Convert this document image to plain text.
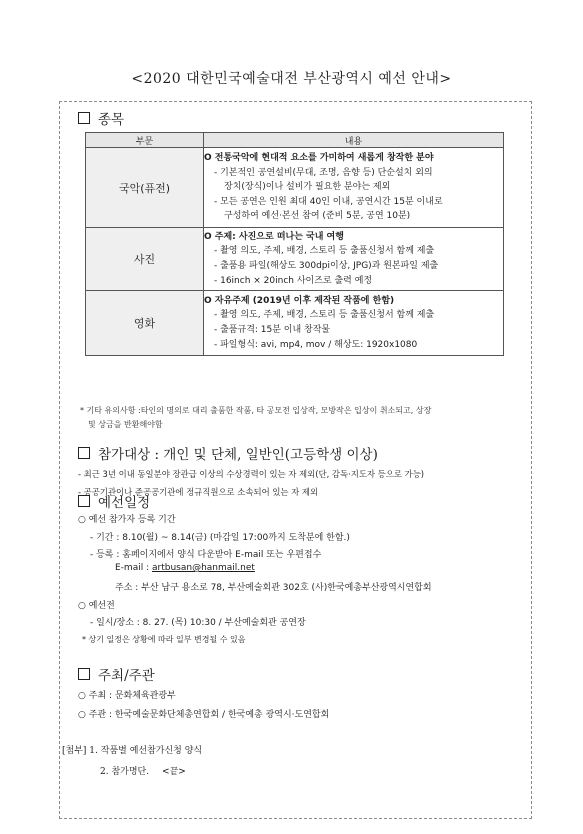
<2020 대한민국예술대전 부산광역시 예선 안내>
종목
부문	내용
국악(퓨전)	O 전통국악에 현대적 요소를 가미하여 새롭게 창작한 분야
- 기본적인 공연설비(무대, 조명, 음향 등) 단순설치 외의
장치(장식)이나 설비가 필요한 분야는 제외
- 모든 공연은 인원 최대 40인 이내, 공연시간 15분 이내로
구성하여 예선·본선 참여 (준비 5분, 공연 10분)

사진	O 주제: 사진으로 떠나는 국내 여행
- 촬영 의도, 주제, 배경, 스토리 등 출품신청서 함께 제출
- 출품용 파일(해상도 300dpi이상, JPG)과 원본파일 제출
- 16inch × 20inch 사이즈로 출력 예정

영화	O 자유주제 (2019년 이후 제작된 작품에 한함)
- 촬영 의도, 주제, 배경, 스토리 등 출품신청서 함께 제출
- 출품규격: 15분 이내 창작물
- 파일형식: avi, mp4, mov / 해상도: 1920x1080
* 기타 유의사항 :타인의 명의로 대리 출품한 작품, 타 공모전 입상작, 모방작은 입상이 취소되고, 상장
및 상금을 반환해야함
참가대상 : 개인 및 단체, 일반인(고등학생 이상)
- 최근 3년 이내 동일분야 장관급 이상의 수상경력이 있는 자 제외(단, 감독·지도자 등으로 가능)
- 공공기관이나 준공공기관에 정규직원으로 소속되어 있는 자 제외
예선일정
○ 예선 참가자 등록 기간
- 기간 : 8.10(월) ~ 8.14(금) (마감일 17:00까지 도착분에 한함.)
- 등록 : 홈페이지에서 양식 다운받아 E-mail 또는 우편접수
E-mail : artbusan@hanmail.net
주소 : 부산 남구 용소로 78, 부산예술회관 302호 (사)한국예총부산광역시연합회
○ 예선전
- 일시/장소 : 8. 27. (목) 10:30 / 부산예술회관 공연장
* 상기 일정은 상황에 따라 일부 변경될 수 있음
주최/주관
○ 주최 : 문화체육관광부
○ 주관 : 한국예술문화단체총연합회 / 한국예총 광역시·도연합회
[첨부] 1. 작품별 예선참가신청 양식
2. 참가명단. <끝>
